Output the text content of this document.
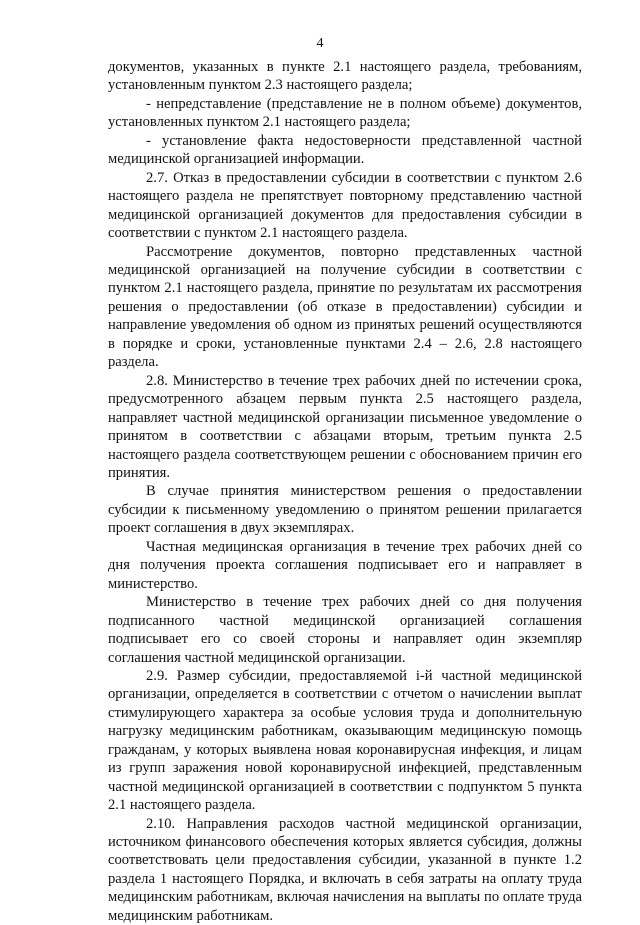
4

документов, указанных в пункте 2.1 настоящего раздела, требованиям, установленным пунктом 2.3 настоящего раздела;

- непредставление (представление не в полном объеме) документов, установленных пунктом 2.1 настоящего раздела;

- установление факта недостоверности представленной частной медицинской организацией информации.

2.7. Отказ в предоставлении субсидии в соответствии с пунктом 2.6 настоящего раздела не препятствует повторному представлению частной медицинской организацией документов для предоставления субсидии в соответствии с пунктом 2.1 настоящего раздела.

Рассмотрение документов, повторно представленных частной медицинской организацией на получение субсидии в соответствии с пунктом 2.1 настоящего раздела, принятие по результатам их рассмотрения решения о предоставлении (об отказе в предоставлении) субсидии и направление уведомления об одном из принятых решений осуществляются в порядке и сроки, установленные пунктами 2.4 – 2.6, 2.8 настоящего раздела.

2.8. Министерство в течение трех рабочих дней по истечении срока, предусмотренного абзацем первым пункта 2.5 настоящего раздела, направляет частной медицинской организации письменное уведомление о принятом в соответствии с абзацами вторым, третьим пункта 2.5 настоящего раздела соответствующем решении с обоснованием причин его принятия.

В случае принятия министерством решения о предоставлении субсидии к письменному уведомлению о принятом решении прилагается проект соглашения в двух экземплярах.

Частная медицинская организация в течение трех рабочих дней со дня получения проекта соглашения подписывает его и направляет в министерство.

Министерство в течение трех рабочих дней со дня получения подписанного частной медицинской организацией соглашения подписывает его со своей стороны и направляет один экземпляр соглашения частной медицинской организации.

2.9. Размер субсидии, предоставляемой i-й частной медицинской организации, определяется в соответствии с отчетом о начислении выплат стимулирующего характера за особые условия труда и дополнительную нагрузку медицинским работникам, оказывающим медицинскую помощь гражданам, у которых выявлена новая коронавирусная инфекция, и лицам из групп заражения новой коронавирусной инфекцией, представленным частной медицинской организацией в соответствии с подпунктом 5 пункта 2.1 настоящего раздела.

2.10. Направления расходов частной медицинской организации, источником финансового обеспечения которых является субсидия, должны соответствовать цели предоставления субсидии, указанной в пункте 1.2 раздела 1 настоящего Порядка, и включать в себя затраты на оплату труда медицинским работникам, включая начисления на выплаты по оплате труда медицинским работникам.
